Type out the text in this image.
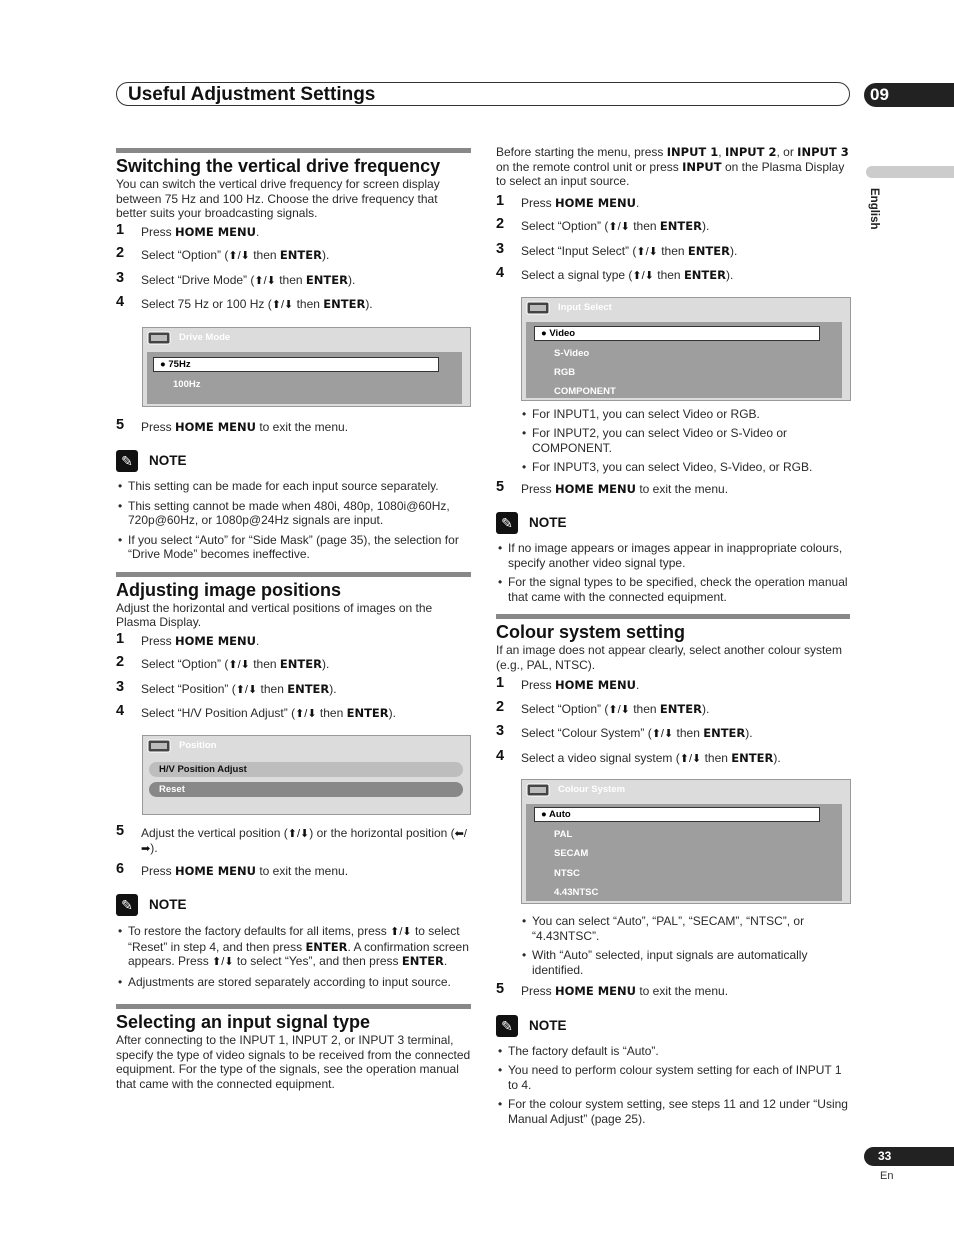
Useful Adjustment Settings	09
English
Switching the vertical drive frequency

You can switch the vertical drive frequency for screen display between 75 Hz and 100 Hz. Choose the drive frequency that better suits your broadcasting signals.

1 Press HOME MENU.
2 Select “Option” (⬆/⬇ then ENTER).
3 Select “Drive Mode” (⬆/⬇ then ENTER).
4 Select 75 Hz or 100 Hz (⬆/⬇ then ENTER).
Drive Mode
● 75Hz
100Hz
5 Press HOME MENU to exit the menu.
✎	NOTE
• This setting can be made for each input source separately.
• This setting cannot be made when 480i, 480p, 1080i@60Hz, 720p@60Hz, or 1080p@24Hz signals are input.
• If you select “Auto” for “Side Mask” (page 35), the selection for “Drive Mode” becomes ineffective.
Adjusting image positions

Adjust the horizontal and vertical positions of images on the Plasma Display.

1 Press HOME MENU.
2 Select “Option” (⬆/⬇ then ENTER).
3 Select “Position” (⬆/⬇ then ENTER).
4 Select “H/V Position Adjust” (⬆/⬇ then ENTER).
Position
H/V Position Adjust
Reset
5 Adjust the vertical position (⬆/⬇) or the horizontal position (⬅/➡).
6 Press HOME MENU to exit the menu.
✎	NOTE
• To restore the factory defaults for all items, press ⬆/⬇ to select “Reset” in step 4, and then press ENTER. A confirmation screen appears. Press ⬆/⬇ to select “Yes”, and then press ENTER.
• Adjustments are stored separately according to input source.
Selecting an input signal type

After connecting to the INPUT 1, INPUT 2, or INPUT 3 terminal, specify the type of video signals to be received from the connected equipment. For the type of the signals, see the operation manual that came with the connected equipment.

Before starting the menu, press INPUT 1, INPUT 2, or INPUT 3 on the remote control unit or press INPUT on the Plasma Display to select an input source.

1 Press HOME MENU.
2 Select “Option” (⬆/⬇ then ENTER).
3 Select “Input Select” (⬆/⬇ then ENTER).
4 Select a signal type (⬆/⬇ then ENTER).
Input Select
● Video
S-Video
RGB
COMPONENT
• For INPUT1, you can select Video or RGB.
• For INPUT2, you can select Video or S-Video or COMPONENT.
• For INPUT3, you can select Video, S-Video, or RGB.
5 Press HOME MENU to exit the menu.
✎	NOTE
• If no image appears or images appear in inappropriate colours, specify another video signal type.
• For the signal types to be specified, check the operation manual that came with the connected equipment.
Colour system setting

If an image does not appear clearly, select another colour system (e.g., PAL, NTSC).

1 Press HOME MENU.
2 Select “Option” (⬆/⬇ then ENTER).
3 Select “Colour System” (⬆/⬇ then ENTER).
4 Select a video signal system (⬆/⬇ then ENTER).
Colour System
● Auto
PAL
SECAM
NTSC
4.43NTSC
• You can select “Auto”, “PAL”, “SECAM”, “NTSC”, or “4.43NTSC”.
• With “Auto” selected, input signals are automatically identified.
5 Press HOME MENU to exit the menu.
✎	NOTE
• The factory default is “Auto”.
• You need to perform colour system setting for each of INPUT 1 to 4.
• For the colour system setting, see steps 11 and 12 under “Using Manual Adjust” (page 25).
33
En
